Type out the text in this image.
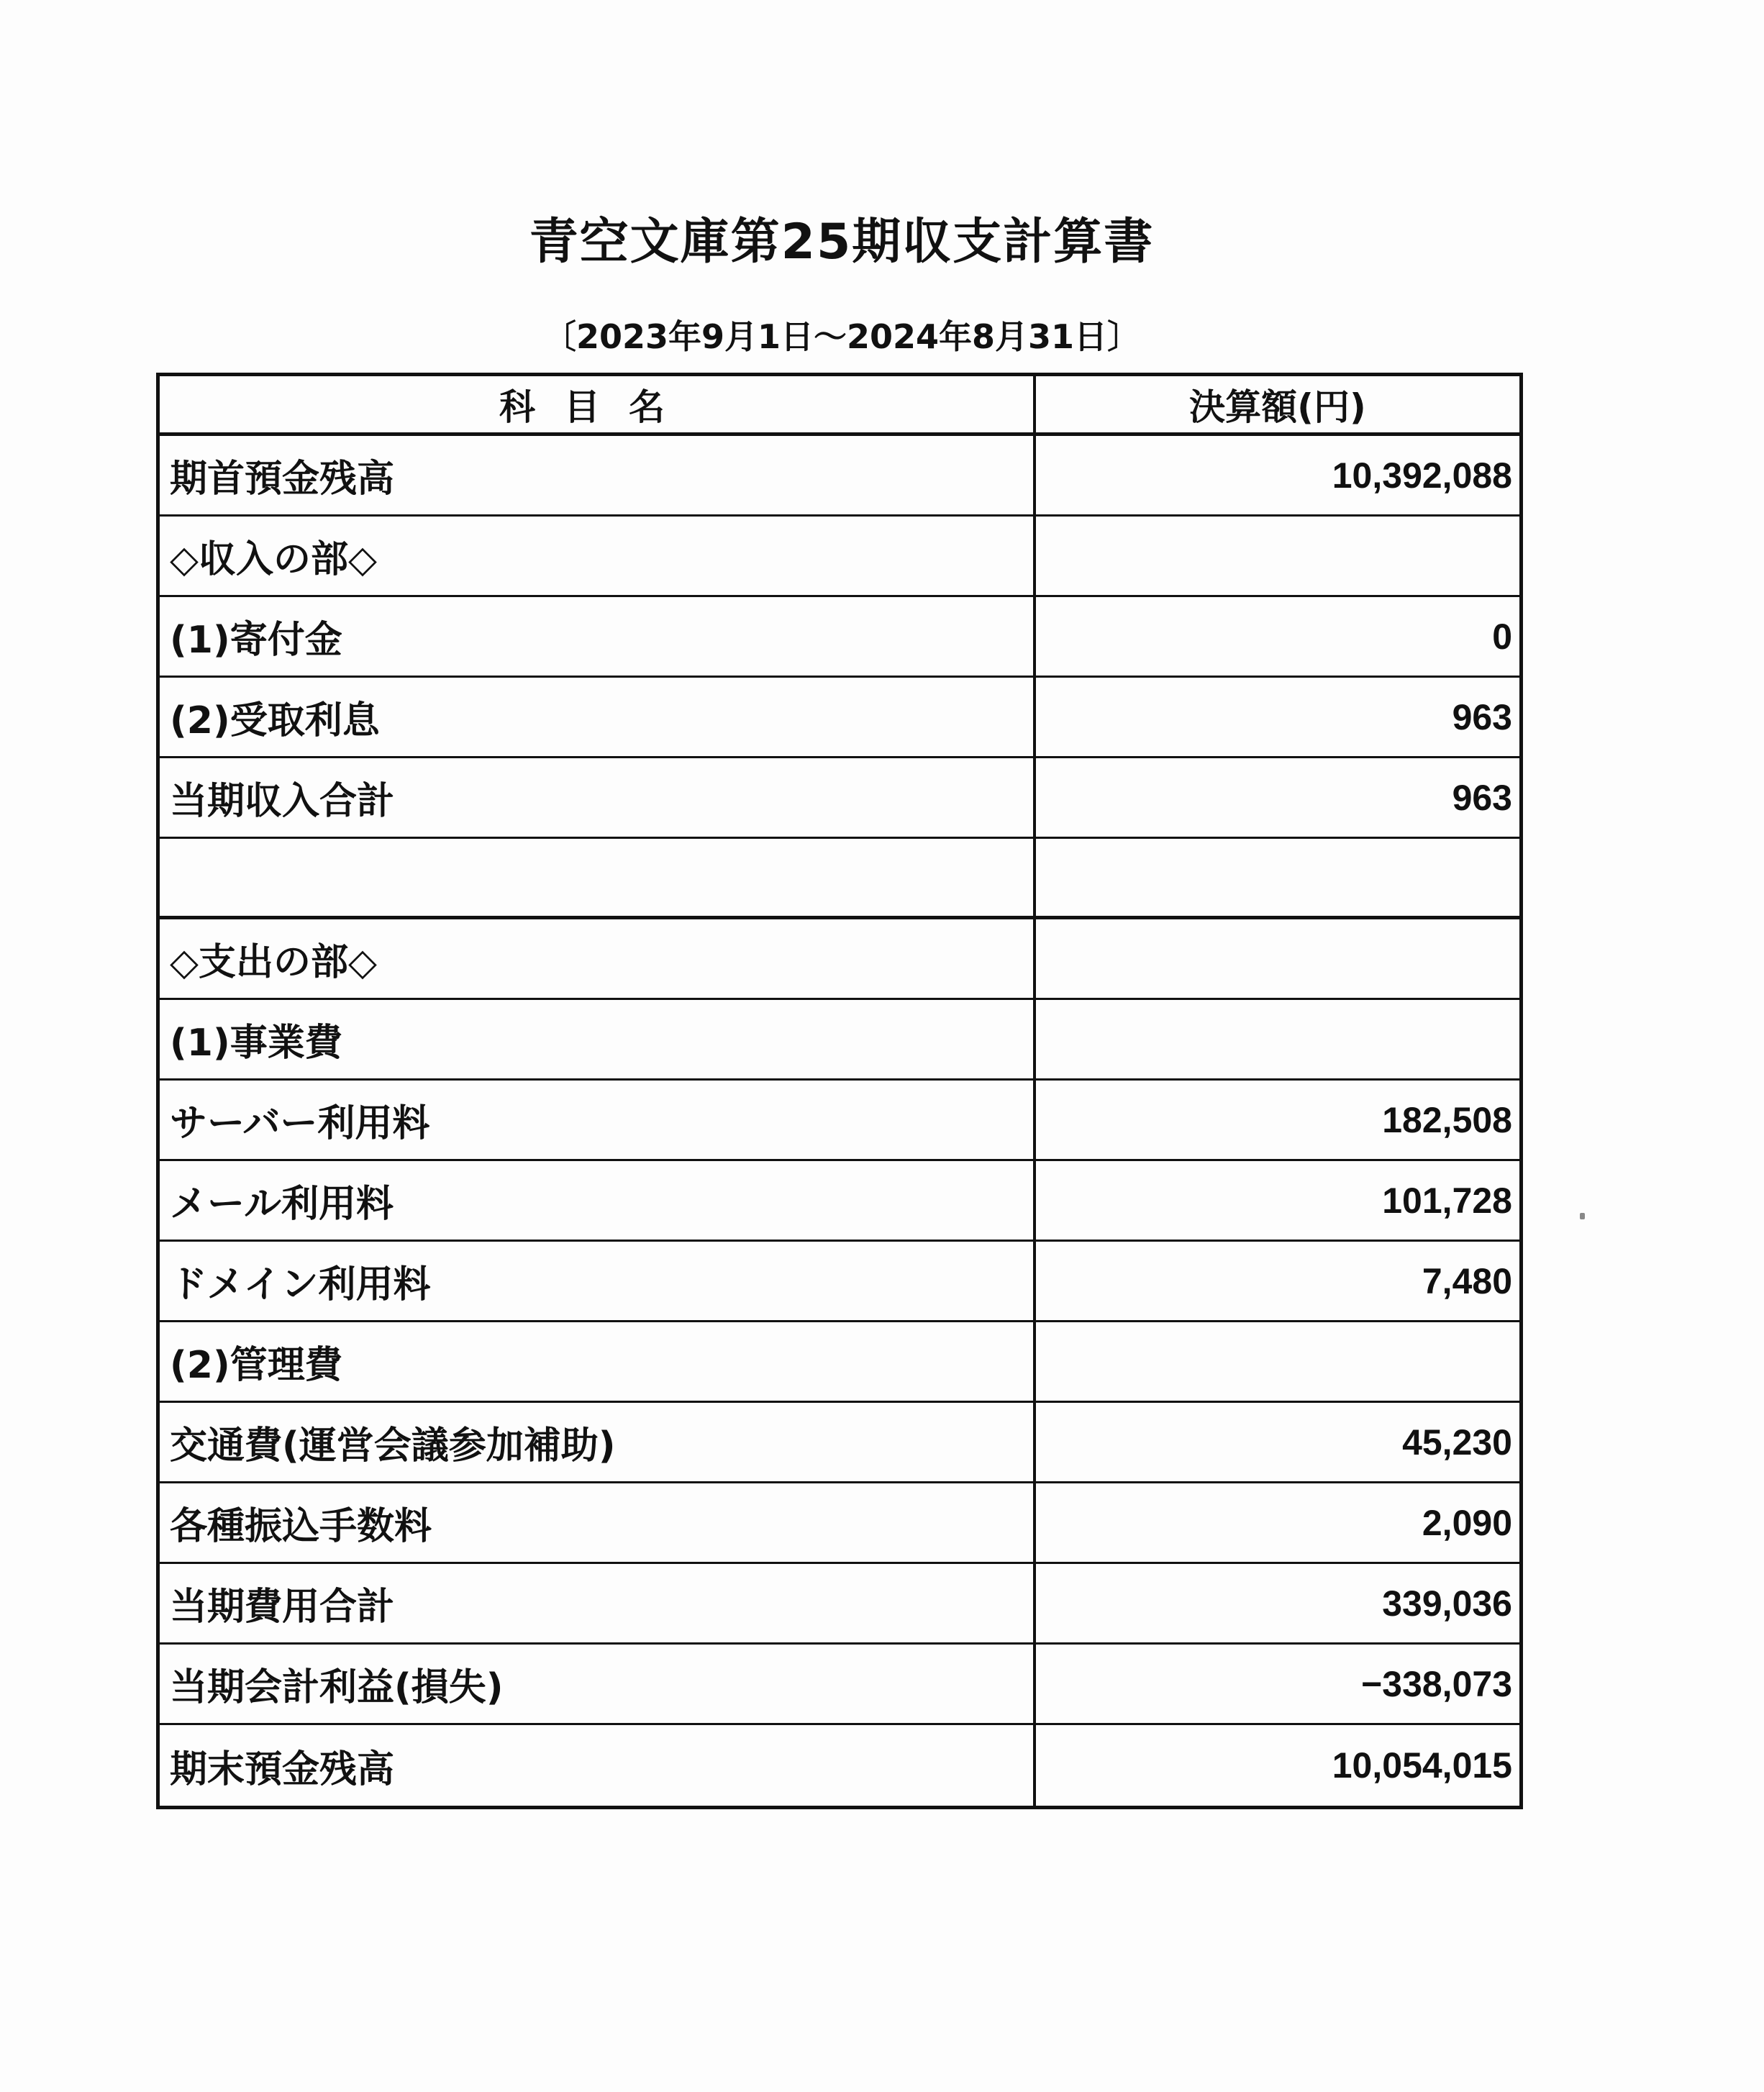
青空文庫第25期収支計算書
〔2023年9月1日～2024年8月31日〕
科目名	決算額(円)
期首預金残高	10,392,088
◇収入の部◇
(1)寄付金	0
(2)受取利息	963
当期収入合計	963
◇支出の部◇
(1)事業費
サーバー利用料	182,508
メール利用料	101,728
ドメイン利用料	7,480
(2)管理費
交通費(運営会議参加補助)	45,230
各種振込手数料	2,090
当期費用合計	339,036
当期会計利益(損失)	−338,073
期末預金残高	10,054,015
